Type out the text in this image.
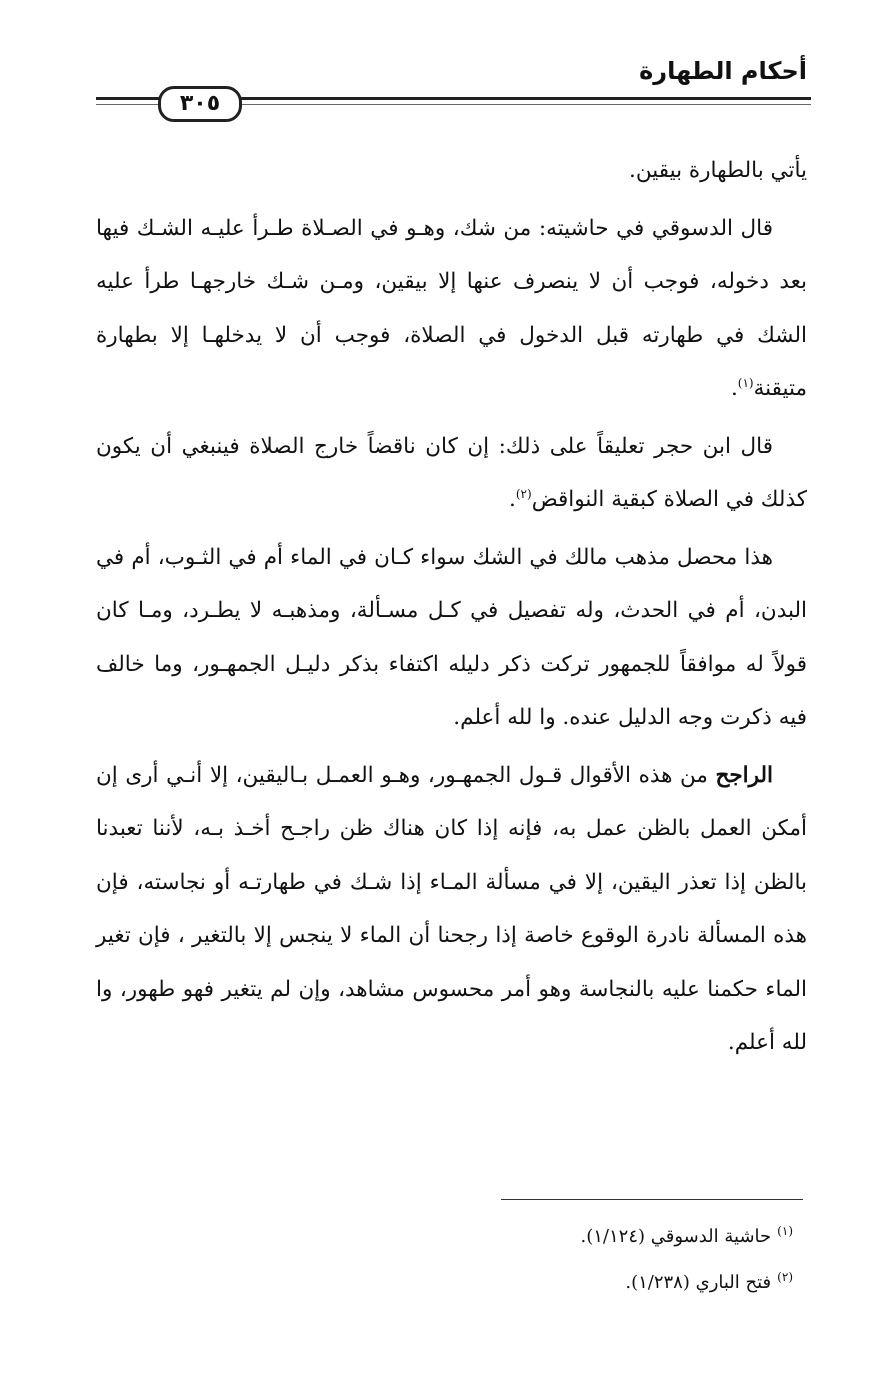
أحكام الطهارة
٣٠٥

يأتي بالطهارة بيقين.

قال الدسوقي في حاشيته: من شك، وهـو في الصـلاة طـرأ عليـه الشـك فيها بعد دخوله، فوجب أن لا ينصرف عنها إلا بيقين، ومـن شـك خارجهـا طرأ عليه الشك في طهارته قبل الدخول في الصلاة، فوجب أن لا يدخلهـا إلا بطهارة متيقنة$^{(١)}$.

قال ابن حجر تعليقاً على ذلك: إن كان ناقضاً خارج الصلاة فينبغي أن يكون كذلك في الصلاة كبقية النواقض$^{(٢)}$.

هذا محصل مذهب مالك في الشك سواء كـان في الماء أم في الثـوب، أم في البدن، أم في الحدث، وله تفصيل في كـل مسـألة، ومذهبـه لا يطـرد، ومـا كان قولاً له موافقاً للجمهور تركت ذكر دليله اكتفاء بذكر دليـل الجمهـور، وما خالف فيه ذكرت وجه الدليل عنده. وا لله أعلم.

الراجح من هذه الأقوال قـول الجمهـور، وهـو العمـل بـاليقين، إلا أنـي أرى إن أمكن العمل بالظن عمل به، فإنه إذا كان هناك ظن راجـح أخـذ بـه، لأننا تعبدنا بالظن إذا تعذر اليقين، إلا في مسألة المـاء إذا شـك في طهارتـه أو نجاسته، فإن هذه المسألة نادرة الوقوع خاصة إذا رجحنا أن الماء لا ينجس إلا بالتغير ، فإن تغير الماء حكمنا عليه بالنجاسة وهو أمر محسوس مشاهد، وإن لم يتغير فهو طهور، وا لله أعلم.

$^{(١)}$حاشية الدسوقي (١/١٢٤).

$^{(٢)}$فتح الباري (١/٢٣٨).
